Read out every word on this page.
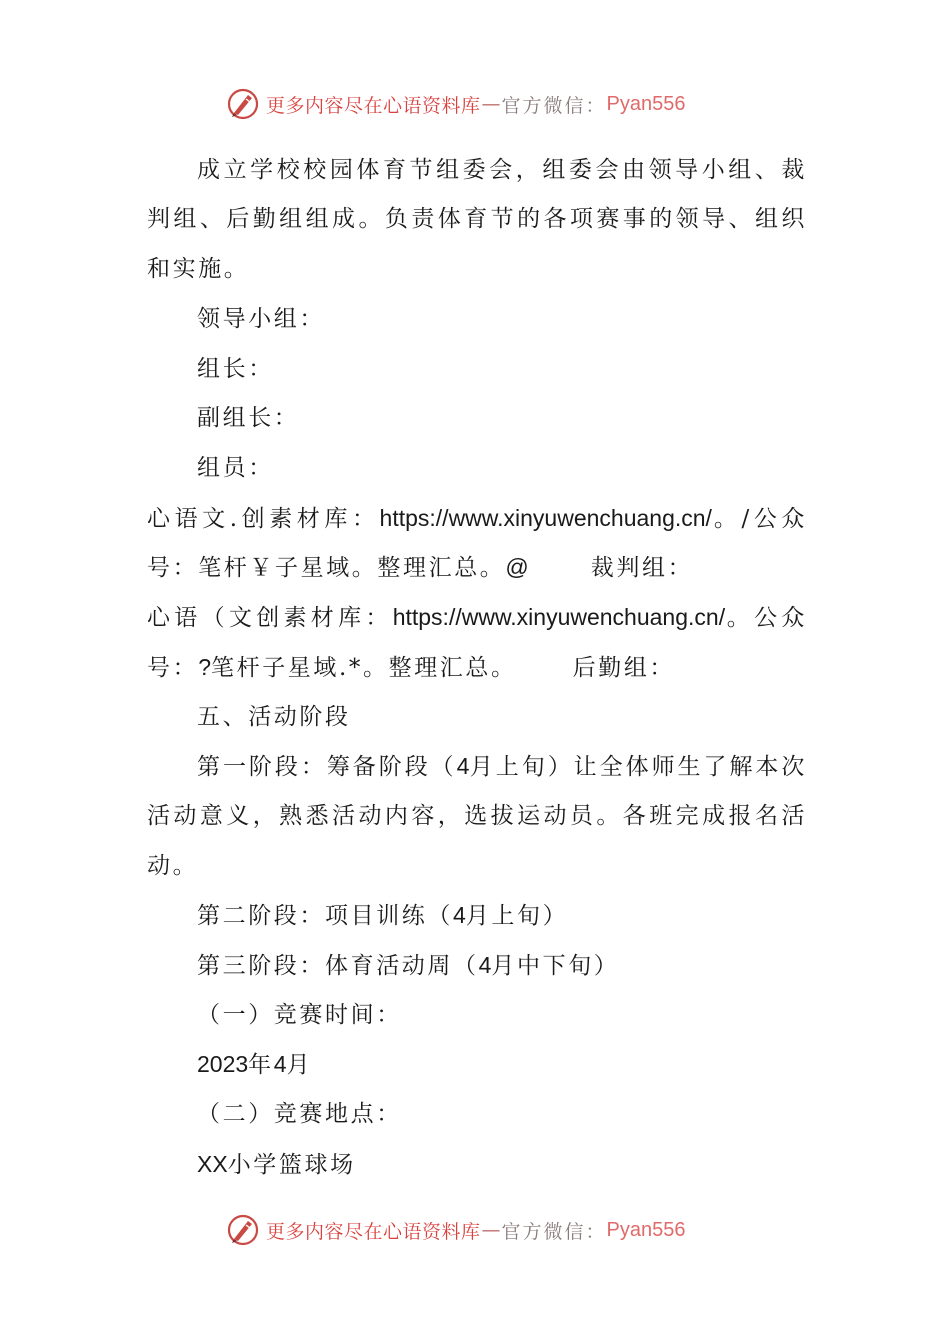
更多内容尽在心语资料库 — 官方微信： Pyan556
成立学校校园体育节组委会，组委会由领导小组、裁
判组、后勤组组成。负责体育节的各项赛事的领导、组织
和实施。
领导小组：
组长：
副组长：
组员：
心语文.创素材库：https://www.xinyuwenchuang.cn/。/公众
号：笔杆￥子星域。整理汇总。@	裁判组：
心语（文创素材库：https://www.xinyuwenchuang.cn/。公众
号：?笔杆子星域.*。整理汇总。 后勤组：
五、活动阶段
第一阶段：筹备阶段（4月上旬）让全体师生了解本次
活动意义，熟悉活动内容，选拔运动员。各班完成报名活
动。
第二阶段：项目训练（4月上旬）
第三阶段：体育活动周（4月中下旬）
（一）竞赛时间：
2023年4月
（二）竞赛地点：
XX小学篮球场
更多内容尽在心语资料库 — 官方微信： Pyan556
